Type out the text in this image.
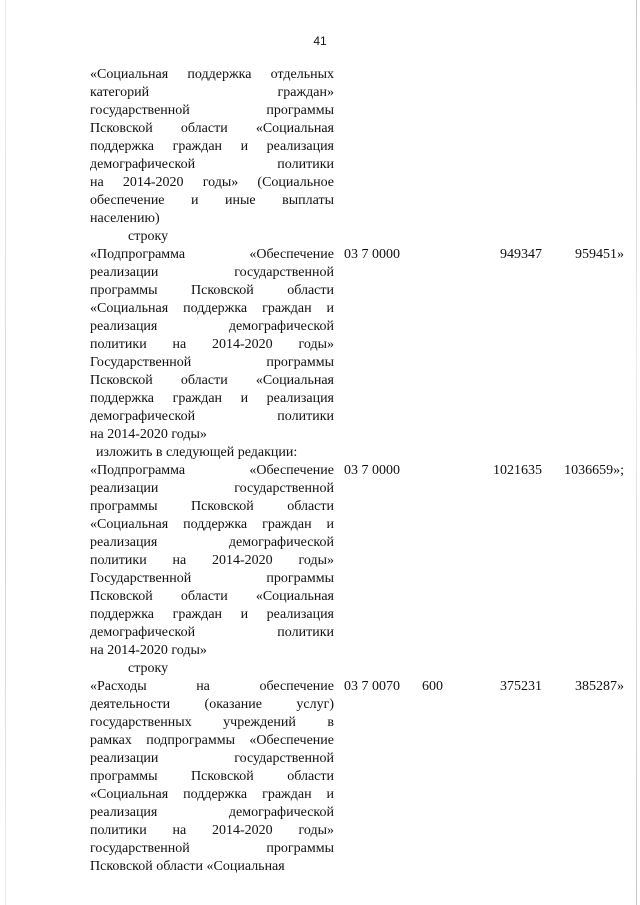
41
«Социальная поддержка отдельных
категорий граждан»
государственной программы
Псковской области «Социальная
поддержка граждан и реализация
демографической политики
на 2014-2020 годы» (Социальное
обеспечение и иные выплаты
населению)
строку
«Подпрограмма «Обеспечение
реализации государственной
программы Псковской области
«Социальная поддержка граждан и
реализация демографической
политики на 2014-2020 годы»
Государственной программы
Псковской области «Социальная
поддержка граждан и реализация
демографической политики
на 2014-2020 годы»
03 7 0000	949347	959451»
изложить в следующей редакции:
«Подпрограмма «Обеспечение
реализации государственной
программы Псковской области
«Социальная поддержка граждан и
реализация демографической
политики на 2014-2020 годы»
Государственной программы
Псковской области «Социальная
поддержка граждан и реализация
демографической политики
на 2014-2020 годы»
03 7 0000	1021635	1036659»;
строку
«Расходы на обеспечение
деятельности (оказание услуг)
государственных учреждений в
рамках подпрограммы «Обеспечение
реализации государственной
программы Псковской области
«Социальная поддержка граждан и
реализация демографической
политики на 2014-2020 годы»
государственной программы
Псковской области «Социальная
03 7 0070	600	375231	385287»
